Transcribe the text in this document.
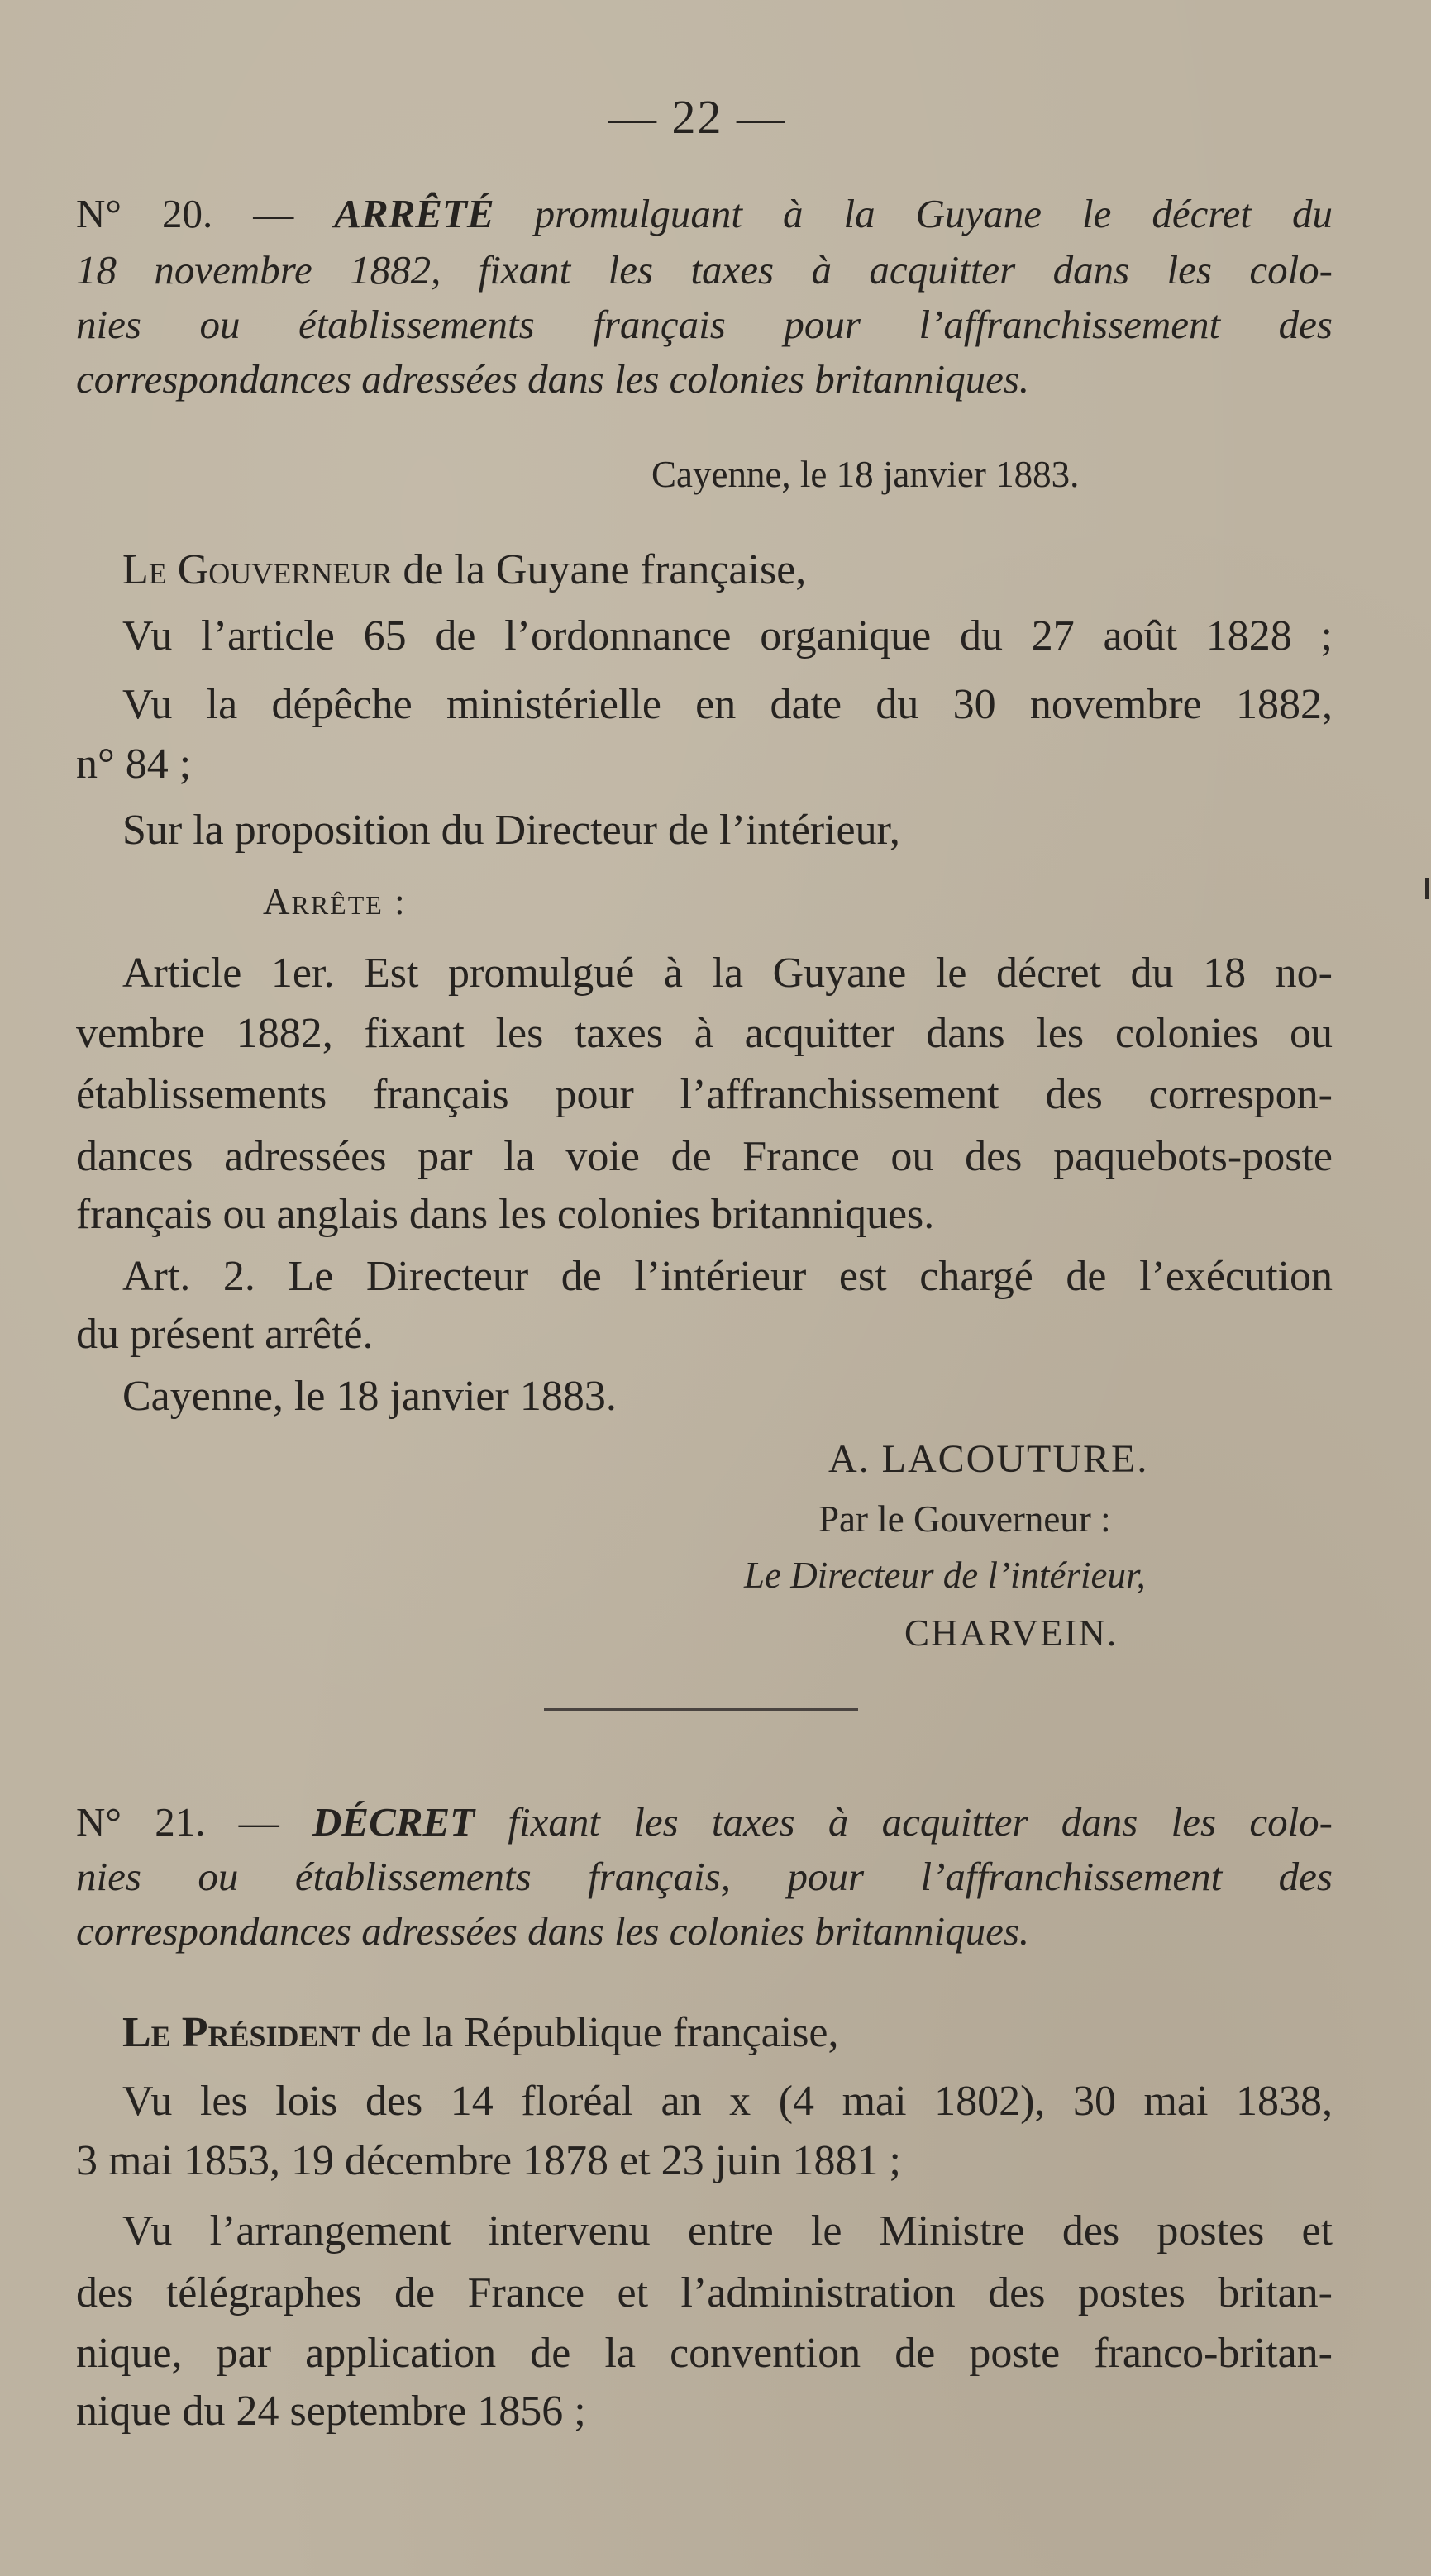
— 22 —
N° 20. — ARRÊTÉ promulguant à la Guyane le décret du
18 novembre 1882, fixant les taxes à acquitter dans les colo-
nies ou établissements français pour l’affranchissement des
correspondances adressées dans les colonies britanniques.
Cayenne, le 18 janvier 1883.
Le Gouverneur de la Guyane française,
Vu l’article 65 de l’ordonnance organique du 27 août 1828 ;
Vu la dépêche ministérielle en date du 30 novembre 1882,
n° 84 ;
Sur la proposition du Directeur de l’intérieur,
Arrête :
Article 1er. Est promulgué à la Guyane le décret du 18 no-
vembre 1882, fixant les taxes à acquitter dans les colonies ou
établissements français pour l’affranchissement des correspon-
dances adressées par la voie de France ou des paquebots-poste
français ou anglais dans les colonies britanniques.
Art. 2. Le Directeur de l’intérieur est chargé de l’exécution
du présent arrêté.
Cayenne, le 18 janvier 1883.
A. LACOUTURE.
Par le Gouverneur :
Le Directeur de l’intérieur,
CHARVEIN.
N° 21. — DÉCRET fixant les taxes à acquitter dans les colo-
nies ou établissements français, pour l’affranchissement des
correspondances adressées dans les colonies britanniques.
Le Président de la République française,
Vu les lois des 14 floréal an x (4 mai 1802), 30 mai 1838,
3 mai 1853, 19 décembre 1878 et 23 juin 1881 ;
Vu l’arrangement intervenu entre le Ministre des postes et
des télégraphes de France et l’administration des postes britan-
nique, par application de la convention de poste franco-britan-
nique du 24 septembre 1856 ;
